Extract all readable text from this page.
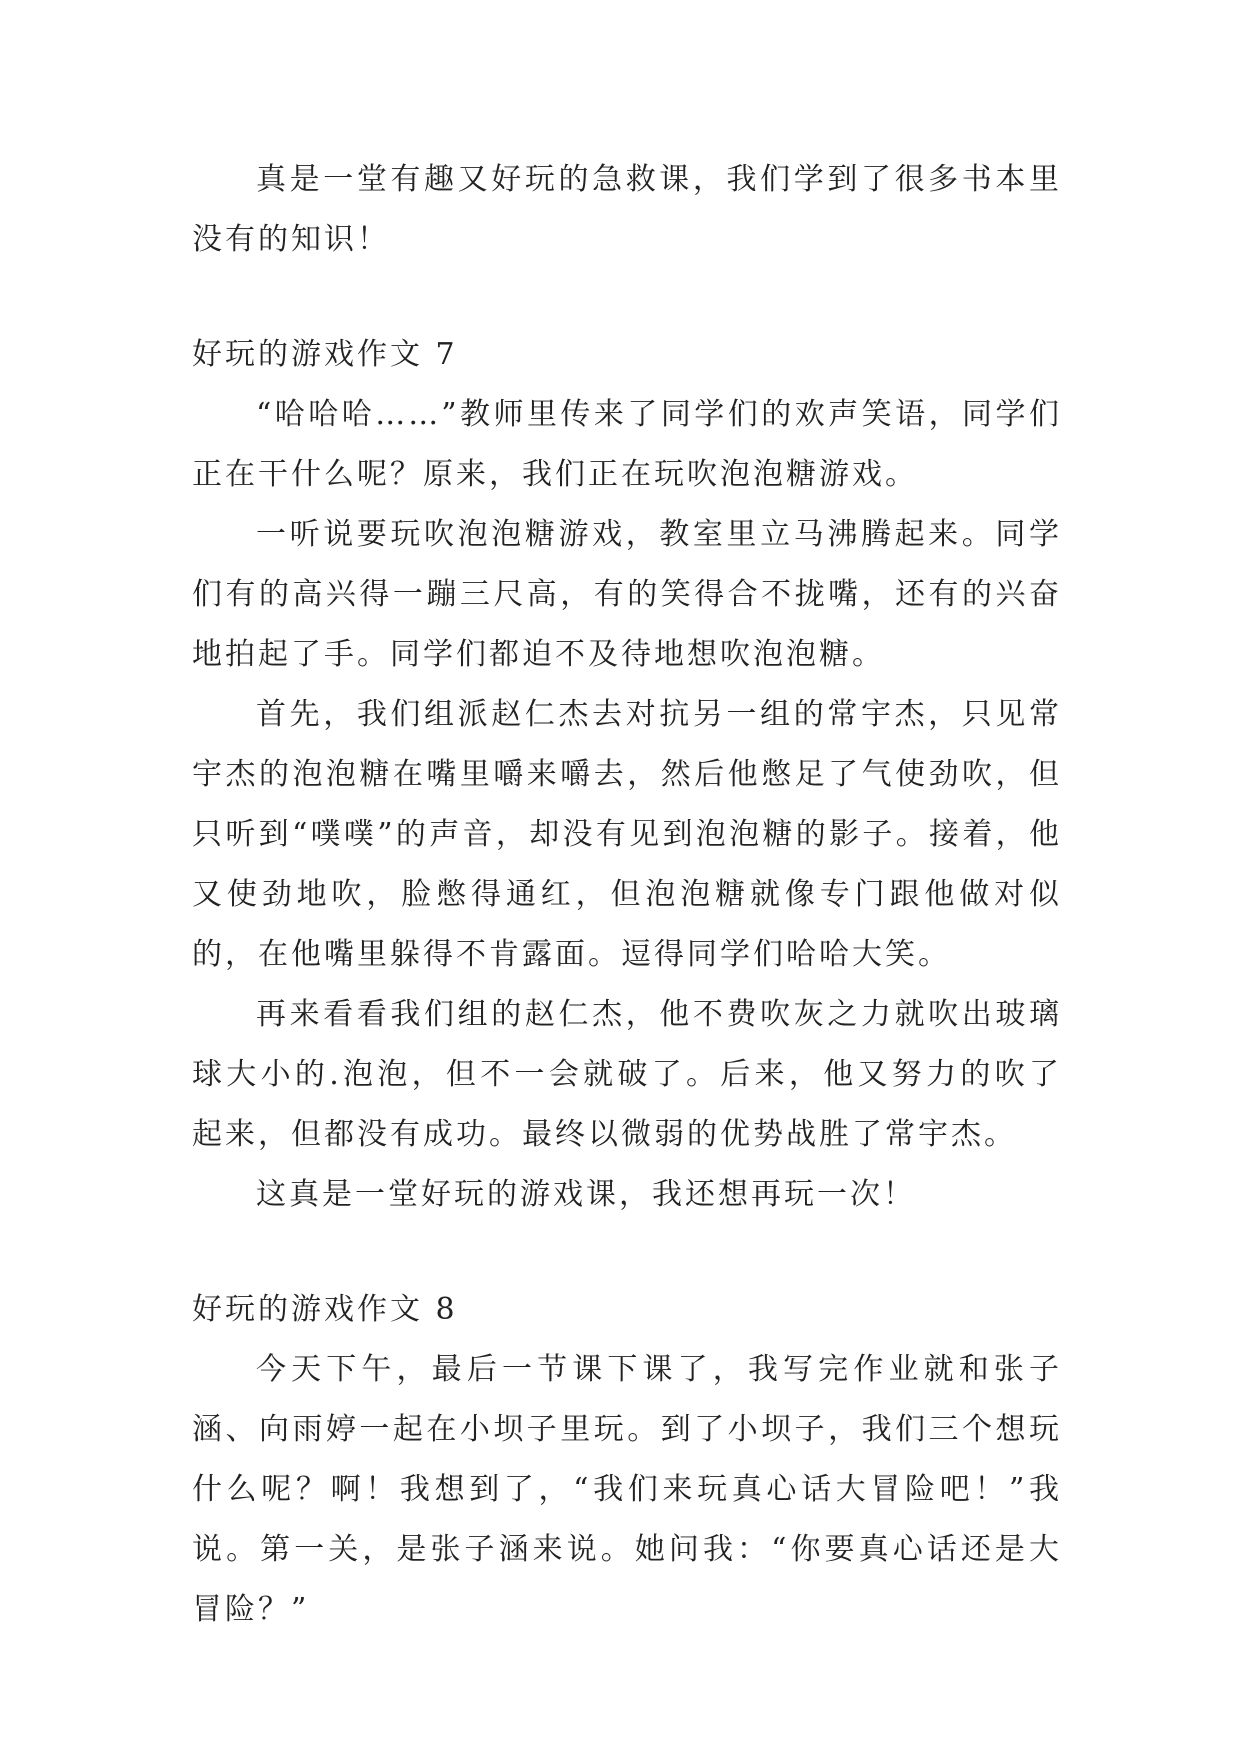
真是一堂有趣又好玩的急救课，我们学到了很多书本里没有的知识！

好玩的游戏作文 7

“哈哈哈……”教师里传来了同学们的欢声笑语，同学们正在干什么呢？原来，我们正在玩吹泡泡糖游戏。

一听说要玩吹泡泡糖游戏，教室里立马沸腾起来。同学们有的高兴得一蹦三尺高，有的笑得合不拢嘴，还有的兴奋地拍起了手。同学们都迫不及待地想吹泡泡糖。

首先，我们组派赵仁杰去对抗另一组的常宇杰，只见常宇杰的泡泡糖在嘴里嚼来嚼去，然后他憋足了气使劲吹，但只听到“噗噗”的声音，却没有见到泡泡糖的影子。接着，他又使劲地吹，脸憋得通红，但泡泡糖就像专门跟他做对似的，在他嘴里躲得不肯露面。逗得同学们哈哈大笑。

再来看看我们组的赵仁杰，他不费吹灰之力就吹出玻璃球大小的.泡泡，但不一会就破了。后来，他又努力的吹了起来，但都没有成功。最终以微弱的优势战胜了常宇杰。

这真是一堂好玩的游戏课，我还想再玩一次！

好玩的游戏作文 8

今天下午，最后一节课下课了，我写完作业就和张子涵、向雨婷一起在小坝子里玩。到了小坝子，我们三个想玩什么呢？啊！我想到了，“我们来玩真心话大冒险吧！”我说。第一关，是张子涵来说。她问我：“你要真心话还是大冒险？”
